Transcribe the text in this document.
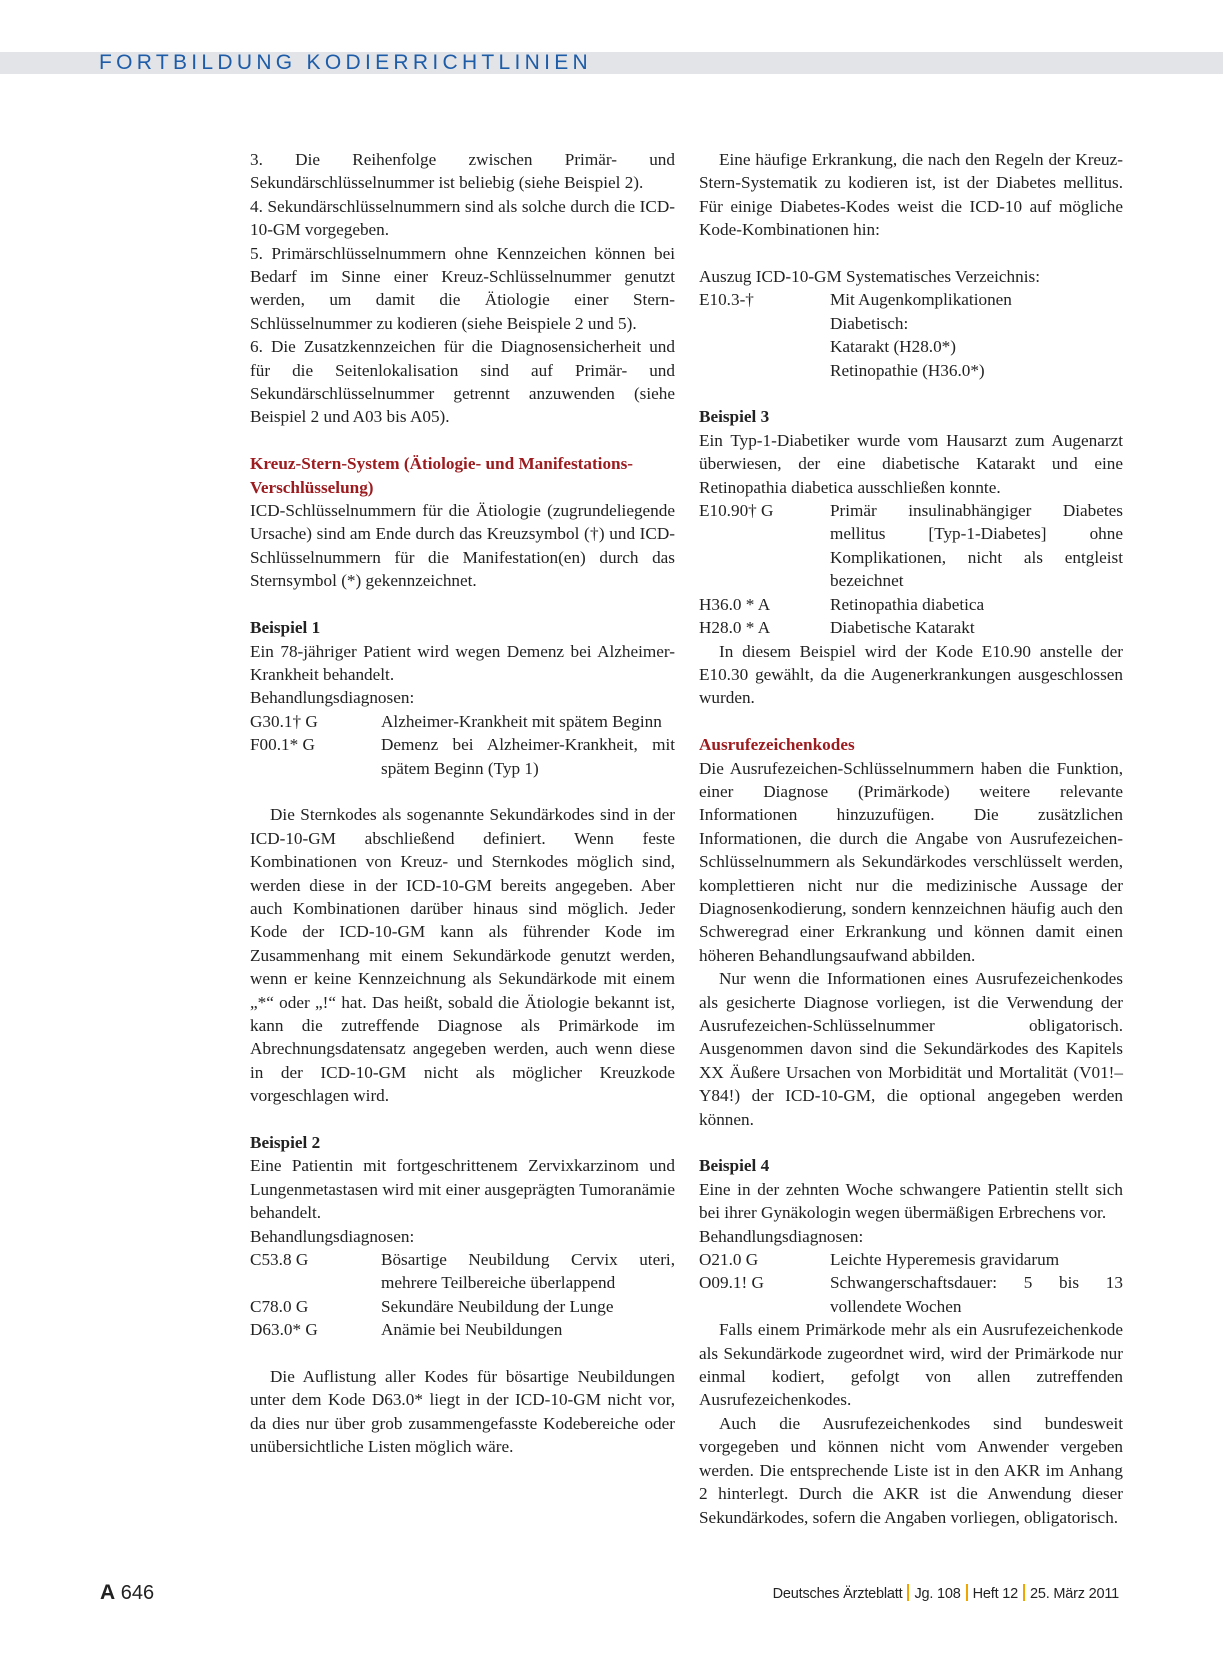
FORTBILDUNG KODIERRICHTLINIEN
3. Die Reihenfolge zwischen Primär- und Sekundärschlüsselnummer ist beliebig (siehe Beispiel 2).
4. Sekundärschlüsselnummern sind als solche durch die ICD-10-GM vorgegeben.
5. Primärschlüsselnummern ohne Kennzeichen können bei Bedarf im Sinne einer Kreuz-Schlüsselnummer genutzt werden, um damit die Ätiologie einer Stern-Schlüsselnummer zu kodieren (siehe Beispiele 2 und 5).
6. Die Zusatzkennzeichen für die Diagnosensicherheit und für die Seitenlokalisation sind auf Primär- und Sekundärschlüsselnummer getrennt anzuwenden (siehe Beispiel 2 und A03 bis A05).
Kreuz-Stern-System (Ätiologie- und Manifestations-Verschlüsselung)
ICD-Schlüsselnummern für die Ätiologie (zugrundeliegende Ursache) sind am Ende durch das Kreuzsymbol (†) und ICD-Schlüsselnummern für die Manifestation(en) durch das Sternsymbol (*) gekennzeichnet.
Beispiel 1
Ein 78-jähriger Patient wird wegen Demenz bei Alzheimer-Krankheit behandelt.
Behandlungsdiagnosen:
G30.1† G	Alzheimer-Krankheit mit spätem Beginn
F00.1* G	Demenz bei Alzheimer-Krankheit, mit spätem Beginn (Typ 1)
Die Sternkodes als sogenannte Sekundärkodes sind in der ICD-10-GM abschließend definiert. Wenn feste Kombinationen von Kreuz- und Sternkodes möglich sind, werden diese in der ICD-10-GM bereits angegeben. Aber auch Kombinationen darüber hinaus sind möglich. Jeder Kode der ICD-10-GM kann als führender Kode im Zusammenhang mit einem Sekundärkode genutzt werden, wenn er keine Kennzeichnung als Sekundärkode mit einem „*“ oder „!“ hat. Das heißt, sobald die Ätiologie bekannt ist, kann die zutreffende Diagnose als Primärkode im Abrechnungsdatensatz angegeben werden, auch wenn diese in der ICD-10-GM nicht als möglicher Kreuzkode vorgeschlagen wird.
Beispiel 2
Eine Patientin mit fortgeschrittenem Zervixkarzinom und Lungenmetastasen wird mit einer ausgeprägten Tumoranämie behandelt.
Behandlungsdiagnosen:
C53.8 G	Bösartige Neubildung Cervix uteri, mehrere Teilbereiche überlappend
C78.0 G	Sekundäre Neubildung der Lunge
D63.0* G	Anämie bei Neubildungen
Die Auflistung aller Kodes für bösartige Neubildungen unter dem Kode D63.0* liegt in der ICD-10-GM nicht vor, da dies nur über grob zusammengefasste Kodebereiche oder unübersichtliche Listen möglich wäre.
Eine häufige Erkrankung, die nach den Regeln der Kreuz-Stern-Systematik zu kodieren ist, ist der Diabetes mellitus. Für einige Diabetes-Kodes weist die ICD-10 auf mögliche Kode-Kombinationen hin:
Auszug ICD-10-GM Systematisches Verzeichnis:
E10.3-†	Mit Augenkomplikationen
Diabetisch:
Katarakt (H28.0*)
Retinopathie (H36.0*)
Beispiel 3
Ein Typ-1-Diabetiker wurde vom Hausarzt zum Augenarzt überwiesen, der eine diabetische Katarakt und eine Retinopathia diabetica ausschließen konnte.
E10.90† G	Primär insulinabhängiger Diabetes mellitus [Typ-1-Diabetes] ohne Komplikationen, nicht als entgleist bezeichnet
H36.0 * A	Retinopathia diabetica
H28.0 * A	Diabetische Katarakt
In diesem Beispiel wird der Kode E10.90 anstelle der E10.30 gewählt, da die Augenerkrankungen ausgeschlossen wurden.
Ausrufezeichenkodes
Die Ausrufezeichen-Schlüsselnummern haben die Funktion, einer Diagnose (Primärkode) weitere relevante Informationen hinzuzufügen. Die zusätzlichen Informationen, die durch die Angabe von Ausrufezeichen-Schlüsselnummern als Sekundärkodes verschlüsselt werden, komplettieren nicht nur die medizinische Aussage der Diagnosenkodierung, sondern kennzeichnen häufig auch den Schweregrad einer Erkrankung und können damit einen höheren Behandlungsaufwand abbilden.
Nur wenn die Informationen eines Ausrufezeichenkodes als gesicherte Diagnose vorliegen, ist die Verwendung der Ausrufezeichen-Schlüsselnummer obligatorisch. Ausgenommen davon sind die Sekundärkodes des Kapitels XX Äußere Ursachen von Morbidität und Mortalität (V01!–Y84!) der ICD-10-GM, die optional angegeben werden können.
Beispiel 4
Eine in der zehnten Woche schwangere Patientin stellt sich bei ihrer Gynäkologin wegen übermäßigen Erbrechens vor.
Behandlungsdiagnosen:
O21.0 G	Leichte Hyperemesis gravidarum
O09.1! G	Schwangerschaftsdauer: 5 bis 13 vollendete Wochen
Falls einem Primärkode mehr als ein Ausrufezeichenkode als Sekundärkode zugeordnet wird, wird der Primärkode nur einmal kodiert, gefolgt von allen zutreffenden Ausrufezeichenkodes.
Auch die Ausrufezeichenkodes sind bundesweit vorgegeben und können nicht vom Anwender vergeben werden. Die entsprechende Liste ist in den AKR im Anhang 2 hinterlegt. Durch die AKR ist die Anwendung dieser Sekundärkodes, sofern die Angaben vorliegen, obligatorisch.
A 646	Deutsches Ärzteblatt Jg. 108 Heft 12 25. März 2011
